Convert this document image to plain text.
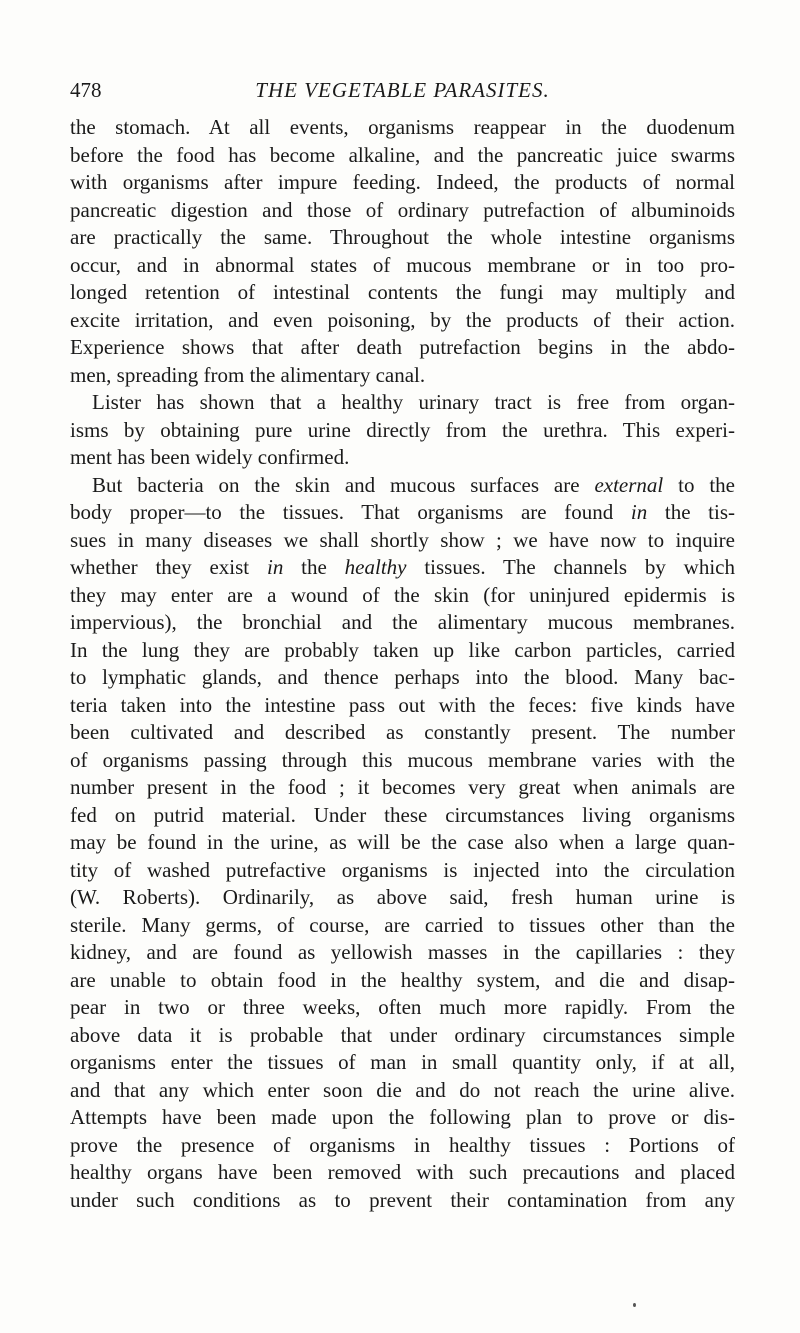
478	THE VEGETABLE PARASITES.
the stomach. At all events, organisms reappear in the duodenum
before the food has become alkaline, and the pancreatic juice swarms
with organisms after impure feeding. Indeed, the products of normal
pancreatic digestion and those of ordinary putrefaction of albuminoids
are practically the same. Throughout the whole intestine organisms
occur, and in abnormal states of mucous membrane or in too pro-
longed retention of intestinal contents the fungi may multiply and
excite irritation, and even poisoning, by the products of their action.
Experience shows that after death putrefaction begins in the abdo-
men, spreading from the alimentary canal.
Lister has shown that a healthy urinary tract is free from organ-
isms by obtaining pure urine directly from the urethra. This experi-
ment has been widely confirmed.
But bacteria on the skin and mucous surfaces are external to the
body proper—to the tissues. That organisms are found in the tis-
sues in many diseases we shall shortly show ; we have now to inquire
whether they exist in the healthy tissues. The channels by which
they may enter are a wound of the skin (for uninjured epidermis is
impervious), the bronchial and the alimentary mucous membranes.
In the lung they are probably taken up like carbon particles, carried
to lymphatic glands, and thence perhaps into the blood. Many bac-
teria taken into the intestine pass out with the feces: five kinds have
been cultivated and described as constantly present. The number
of organisms passing through this mucous membrane varies with the
number present in the food ; it becomes very great when animals are
fed on putrid material. Under these circumstances living organisms
may be found in the urine, as will be the case also when a large quan-
tity of washed putrefactive organisms is injected into the circulation
(W. Roberts). Ordinarily, as above said, fresh human urine is
sterile. Many germs, of course, are carried to tissues other than the
kidney, and are found as yellowish masses in the capillaries : they
are unable to obtain food in the healthy system, and die and disap-
pear in two or three weeks, often much more rapidly. From the
above data it is probable that under ordinary circumstances simple
organisms enter the tissues of man in small quantity only, if at all,
and that any which enter soon die and do not reach the urine alive.
Attempts have been made upon the following plan to prove or dis-
prove the presence of organisms in healthy tissues : Portions of
healthy organs have been removed with such precautions and placed
under such conditions as to prevent their contamination from any
